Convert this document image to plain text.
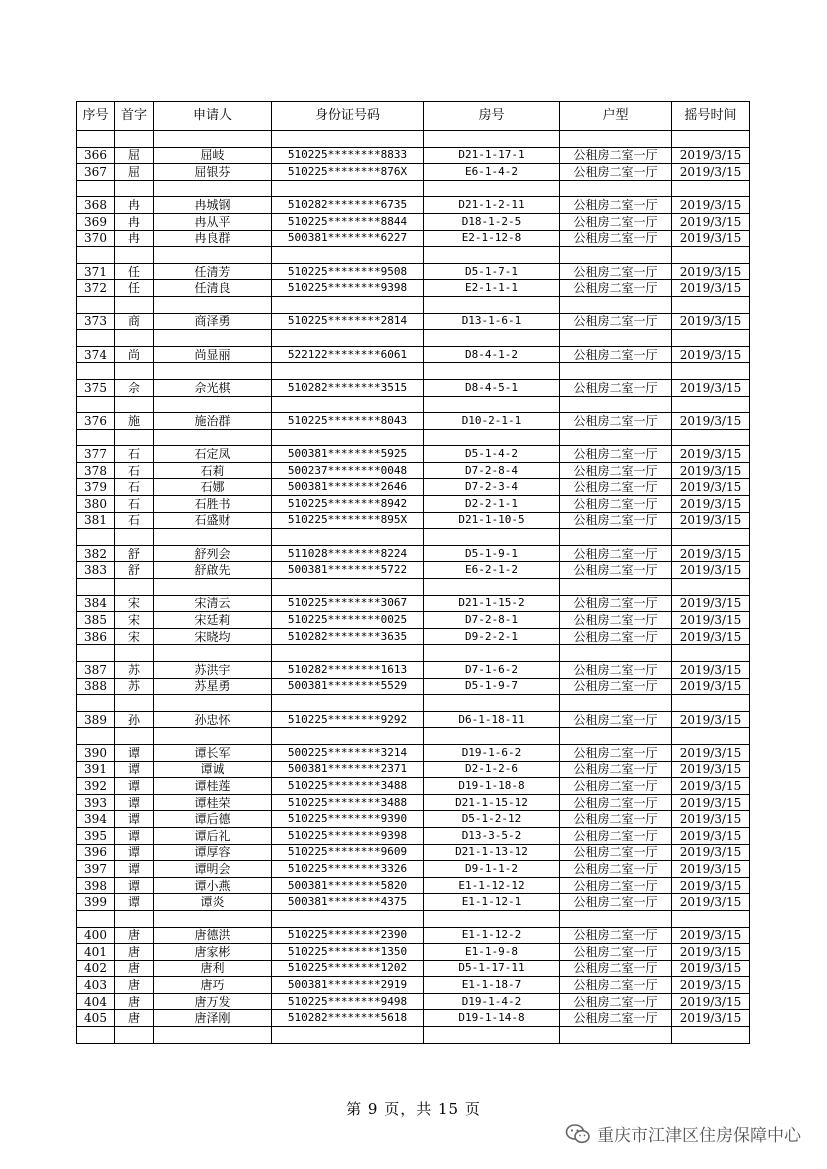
序号	首字	申请人	身份证号码	房号	户型	摇号时间

366	屈	屈岐	510225********8833	D21-1-17-1	公租房二室一厅	2019/3/15
367	屈	屈银芬	510225********876X	E6-1-4-2	公租房二室一厅	2019/3/15

368	冉	冉城钢	510282********6735	D21-1-2-11	公租房二室一厅	2019/3/15
369	冉	冉从平	510225********8844	D18-1-2-5	公租房二室一厅	2019/3/15
370	冉	冉良群	500381********6227	E2-1-12-8	公租房二室一厅	2019/3/15

371	任	任清芳	510225********9508	D5-1-7-1	公租房二室一厅	2019/3/15
372	任	任清良	510225********9398	E2-1-1-1	公租房二室一厅	2019/3/15

373	商	商泽勇	510225********2814	D13-1-6-1	公租房二室一厅	2019/3/15

374	尚	尚显丽	522122********6061	D8-4-1-2	公租房二室一厅	2019/3/15

375	佘	佘光棋	510282********3515	D8-4-5-1	公租房二室一厅	2019/3/15

376	施	施治群	510225********8043	D10-2-1-1	公租房二室一厅	2019/3/15

377	石	石定凤	500381********5925	D5-1-4-2	公租房二室一厅	2019/3/15
378	石	石莉	500237********0048	D7-2-8-4	公租房二室一厅	2019/3/15
379	石	石娜	500381********2646	D7-2-3-4	公租房二室一厅	2019/3/15
380	石	石胜书	510225********8942	D2-2-1-1	公租房二室一厅	2019/3/15
381	石	石盛财	510225********895X	D21-1-10-5	公租房二室一厅	2019/3/15

382	舒	舒列会	511028********8224	D5-1-9-1	公租房二室一厅	2019/3/15
383	舒	舒啟先	500381********5722	E6-2-1-2	公租房二室一厅	2019/3/15

384	宋	宋清云	510225********3067	D21-1-15-2	公租房二室一厅	2019/3/15
385	宋	宋廷莉	510225********0025	D7-2-8-1	公租房二室一厅	2019/3/15
386	宋	宋晓均	510282********3635	D9-2-2-1	公租房二室一厅	2019/3/15

387	苏	苏洪宇	510282********1613	D7-1-6-2	公租房二室一厅	2019/3/15
388	苏	苏星勇	500381********5529	D5-1-9-7	公租房二室一厅	2019/3/15

389	孙	孙忠怀	510225********9292	D6-1-18-11	公租房二室一厅	2019/3/15

390	谭	谭长军	500225********3214	D19-1-6-2	公租房二室一厅	2019/3/15
391	谭	谭诚	500381********2371	D2-1-2-6	公租房二室一厅	2019/3/15
392	谭	谭桂莲	510225********3488	D19-1-18-8	公租房二室一厅	2019/3/15
393	谭	谭桂荣	510225********3488	D21-1-15-12	公租房二室一厅	2019/3/15
394	谭	谭后德	510225********9390	D5-1-2-12	公租房二室一厅	2019/3/15
395	谭	谭后礼	510225********9398	D13-3-5-2	公租房二室一厅	2019/3/15
396	谭	谭厚容	510225********9609	D21-1-13-12	公租房二室一厅	2019/3/15
397	谭	谭明会	510225********3326	D9-1-1-2	公租房二室一厅	2019/3/15
398	谭	谭小燕	500381********5820	E1-1-12-12	公租房二室一厅	2019/3/15
399	谭	谭炎	500381********4375	E1-1-12-1	公租房二室一厅	2019/3/15

400	唐	唐德洪	510225********2390	E1-1-12-2	公租房二室一厅	2019/3/15
401	唐	唐家彬	510225********1350	E1-1-9-8	公租房二室一厅	2019/3/15
402	唐	唐利	510225********1202	D5-1-17-11	公租房二室一厅	2019/3/15
403	唐	唐巧	500381********2919	E1-1-18-7	公租房二室一厅	2019/3/15
404	唐	唐万发	510225********9498	D19-1-4-2	公租房二室一厅	2019/3/15
405	唐	唐泽刚	510282********5618	D19-1-14-8	公租房二室一厅	2019/3/15

第 9 页，共 15 页
重庆市江津区住房保障中心
